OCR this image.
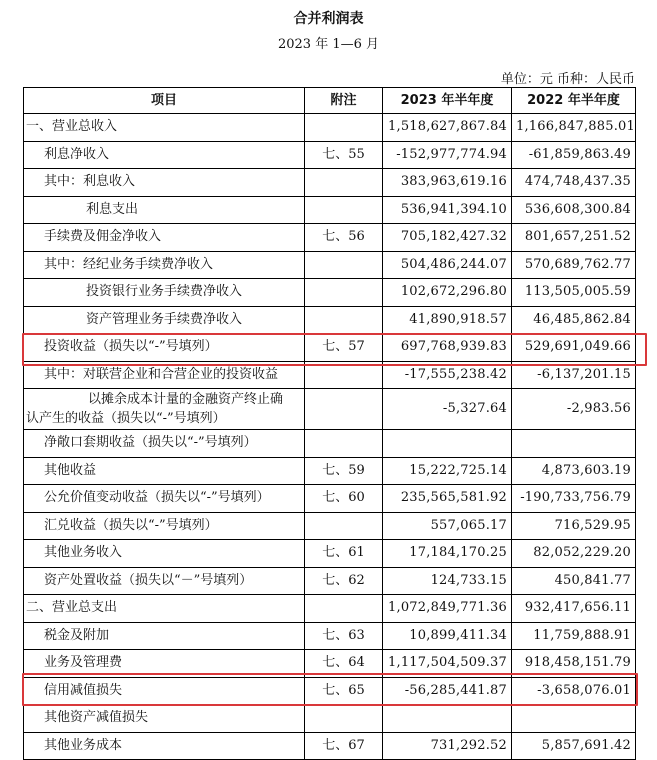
合并利润表
2023 年 1—6 月
单位：元 币种：人民币
项目	附注	2023 年半年度	2022 年半年度
一、营业总收入		1,518,627,867.84	1,166,847,885.01
利息净收入	七、55	-152,977,774.94	-61,859,863.49
其中：利息收入		383,963,619.16	474,748,437.35
利息支出		536,941,394.10	536,608,300.84
手续费及佣金净收入	七、56	705,182,427.32	801,657,251.52
其中：经纪业务手续费净收入		504,486,244.07	570,689,762.77
投资银行业务手续费净收入		102,672,296.80	113,505,005.59
资产管理业务手续费净收入		41,890,918.57	46,485,862.84
投资收益（损失以“-”号填列）	七、57	697,768,939.83	529,691,049.66
其中：对联营企业和合营企业的投资收益		-17,555,238.42	-6,137,201.15

以摊余成本计量的金融资产终止确
认产生的收益（损失以“-”号填列）		-5,327.64	-2,983.56
净敞口套期收益（损失以“-”号填列）			
其他收益	七、59	15,222,725.14	4,873,603.19
公允价值变动收益（损失以“-”号填列）	七、60	235,565,581.92	-190,733,756.79
汇兑收益（损失以“-”号填列）		557,065.17	716,529.95
其他业务收入	七、61	17,184,170.25	82,052,229.20
资产处置收益（损失以“－”号填列）	七、62	124,733.15	450,841.77
二、营业总支出		1,072,849,771.36	932,417,656.11
税金及附加	七、63	10,899,411.34	11,759,888.91
业务及管理费	七、64	1,117,504,509.37	918,458,151.79
信用减值损失	七、65	-56,285,441.87	-3,658,076.01
其他资产减值损失			
其他业务成本	七、67	731,292.52	5,857,691.42
